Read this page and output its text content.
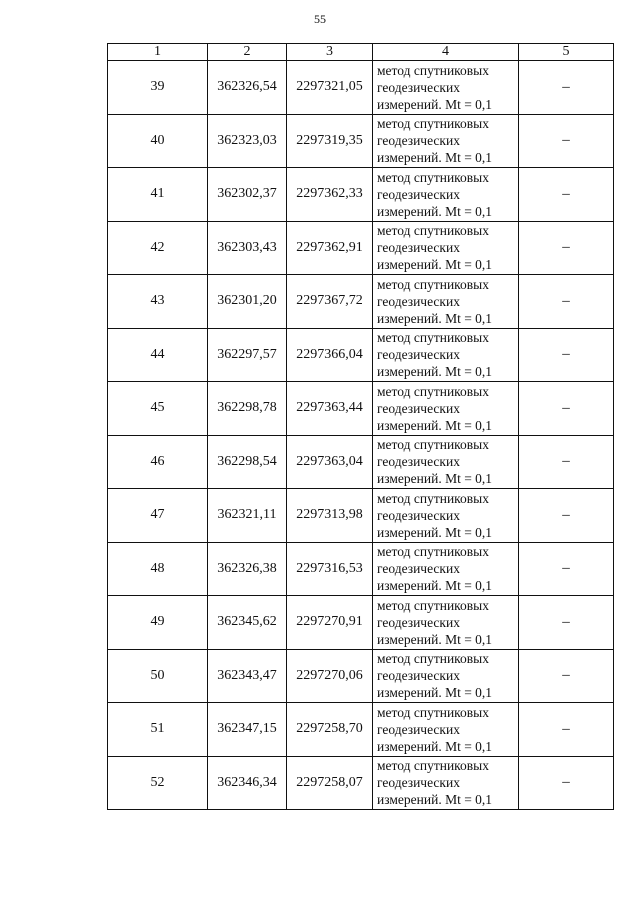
55
1	2	3	4	5
39	362326,54	2297321,05	метод спутниковых геодезических измерений. Mt = 0,1	–
40	362323,03	2297319,35	метод спутниковых геодезических измерений. Mt = 0,1	–
41	362302,37	2297362,33	метод спутниковых геодезических измерений. Mt = 0,1	–
42	362303,43	2297362,91	метод спутниковых геодезических измерений. Mt = 0,1	–
43	362301,20	2297367,72	метод спутниковых геодезических измерений. Mt = 0,1	–
44	362297,57	2297366,04	метод спутниковых геодезических измерений. Mt = 0,1	–
45	362298,78	2297363,44	метод спутниковых геодезических измерений. Mt = 0,1	–
46	362298,54	2297363,04	метод спутниковых геодезических измерений. Mt = 0,1	–
47	362321,11	2297313,98	метод спутниковых геодезических измерений. Mt = 0,1	–
48	362326,38	2297316,53	метод спутниковых геодезических измерений. Mt = 0,1	–
49	362345,62	2297270,91	метод спутниковых геодезических измерений. Mt = 0,1	–
50	362343,47	2297270,06	метод спутниковых геодезических измерений. Mt = 0,1	–
51	362347,15	2297258,70	метод спутниковых геодезических измерений. Mt = 0,1	–
52	362346,34	2297258,07	метод спутниковых геодезических измерений. Mt = 0,1	–
